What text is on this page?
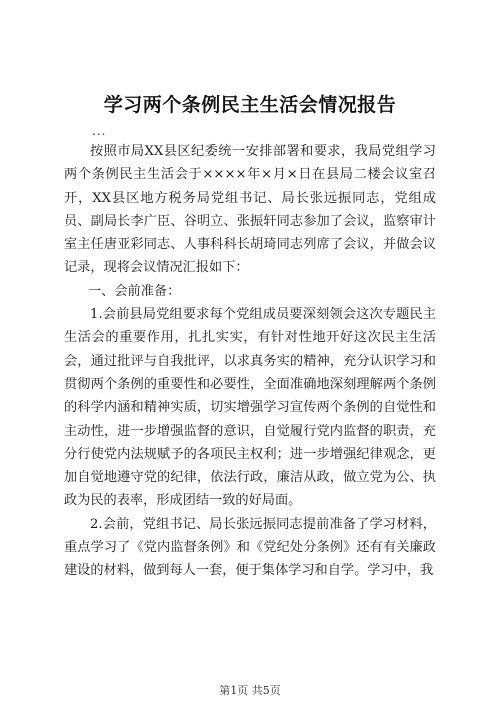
学习两个条例民主生活会情况报告
...

按照市局XX县区纪委统一安排部署和要求，我局党组学习两个条例民主生活会于××××年×月×日在县局二楼会议室召开，XX县区地方税务局党组书记、局长张远振同志，党组成员、副局长李广臣、谷明立、张振轩同志参加了会议，监察审计室主任唐亚彩同志、人事科科长胡琦同志列席了会议，并做会议记录，现将会议情况汇报如下：

一、会前准备：

1.会前县局党组要求每个党组成员要深刻领会这次专题民主生活会的重要作用，扎扎实实，有针对性地开好这次民主生活会，通过批评与自我批评，以求真务实的精神，充分认识学习和贯彻两个条例的重要性和必要性，全面准确地深刻理解两个条例的科学内涵和精神实质，切实增强学习宣传两个条例的自觉性和主动性，进一步增强监督的意识，自觉履行党内监督的职责，充分行使党内法规赋予的各项民主权利；进一步增强纪律观念，更加自觉地遵守党的纪律，依法行政，廉洁从政，做立党为公、执政为民的表率，形成团结一致的好局面。

2.会前，党组书记、局长张远振同志提前准备了学习材料，重点学习了《党内监督条例》和《党纪处分条例》还有有关廉政建设的材料，做到每人一套，便于集体学习和自学。学习中，我

第1页 共5页
